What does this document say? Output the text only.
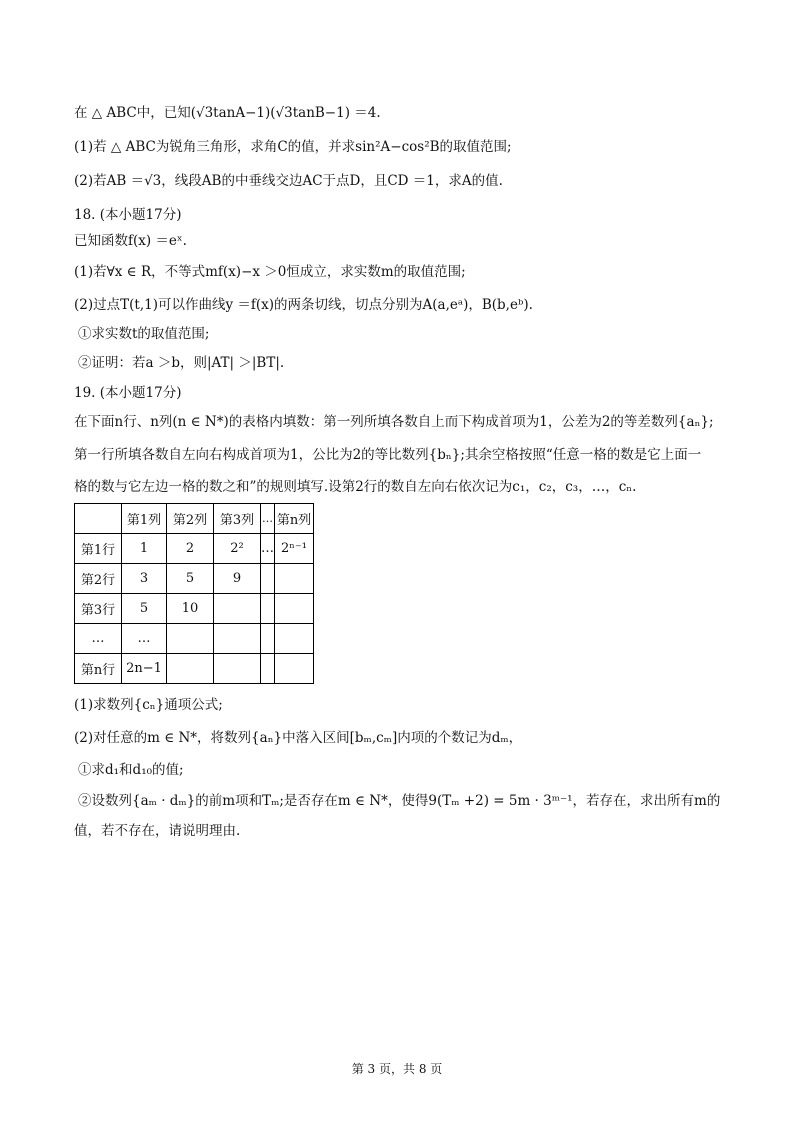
在 △ ABC中，已知(√3tanA−1)(√3tanB−1) ＝4.
(1)若 △ ABC为锐角三角形，求角C的值，并求sin²A−cos²B的取值范围;
(2)若AB ＝√3，线段AB的中垂线交边AC于点D，且CD ＝1，求A的值.
18. (本小题17分)
已知函数f(x) ＝eˣ.
(1)若∀x ∈ R，不等式mf(x)−x ＞0恒成立，求实数m的取值范围;
(2)过点T(t,1)可以作曲线y ＝f(x)的两条切线，切点分别为A(a,eᵃ)，B(b,eᵇ).
①求实数t的取值范围;
②证明：若a ＞b，则|AT| ＞|BT|.
19. (本小题17分)
在下面n行、n列(n ∈ N*)的表格内填数：第一列所填各数自上而下构成首项为1，公差为2的等差数列{aₙ};
第一行所填各数自左向右构成首项为1，公比为2的等比数列{bₙ};其余空格按照“任意一格的数是它上面一
格的数与它左边一格的数之和”的规则填写.设第2行的数自左向右依次记为c₁，c₂，c₃，…，cₙ.
	第1列	第2列	第3列	…	第n列
第1行	1	2	2²	…	2ⁿ⁻¹
第2行	3	5	9		
第3行	5	10			
…	…				
第n行	2n−1				
(1)求数列{cₙ}通项公式;
(2)对任意的m ∈ N*，将数列{aₙ}中落入区间[bₘ,cₘ]内项的个数记为dₘ，
①求d₁和d₁₀的值;
②设数列{aₘ · dₘ}的前m项和Tₘ;是否存在m ∈ N*，使得9(Tₘ +2) = 5m · 3ᵐ⁻¹，若存在，求出所有m的
值，若不存在，请说明理由.
第 3 页，共 8 页
